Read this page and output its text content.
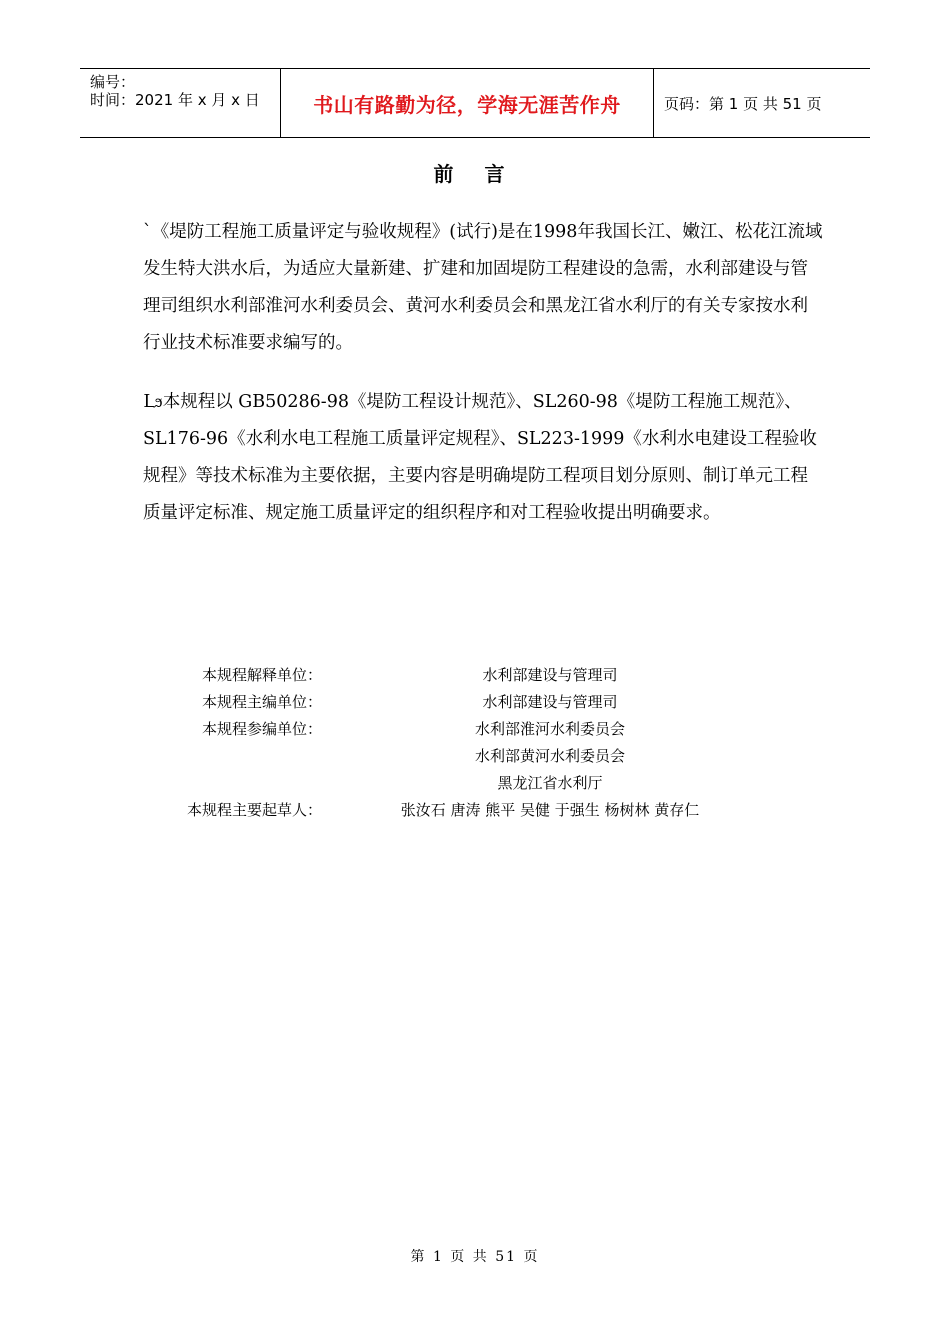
编号：
时间：2021 年 x 月 x 日	书山有路勤为径，学海无涯苦作舟	页码：第 1 页 共 51 页
前 言
`《堤防工程施工质量评定与验收规程》(试行)是在1998年我国长江、嫩江、松花江流域发生特大洪水后，为适应大量新建、扩建和加固堤防工程建设的急需，水利部建设与管理司组织水利部淮河水利委员会、黄河水利委员会和黑龙江省水利厅的有关专家按水利行业技术标准要求编写的。
Լϧ本规程以 GB50286-98《堤防工程设计规范》、SL260-98《堤防工程施工规范》、SL176-96《水利水电工程施工质量评定规程》、SL223-1999《水利水电建设工程验收规程》等技术标准为主要依据，主要内容是明确堤防工程项目划分原则、制订单元工程质量评定标准、规定施工质量评定的组织程序和对工程验收提出明确要求。
本规程解释单位：	水利部建设与管理司
本规程主编单位：	水利部建设与管理司
本规程参编单位：	水利部淮河水利委员会
水利部黄河水利委员会
黑龙江省水利厅
本规程主要起草人：	张汝石 唐涛 熊平 吴健 于强生 杨树林 黄存仁
第 1 页 共 51 页
